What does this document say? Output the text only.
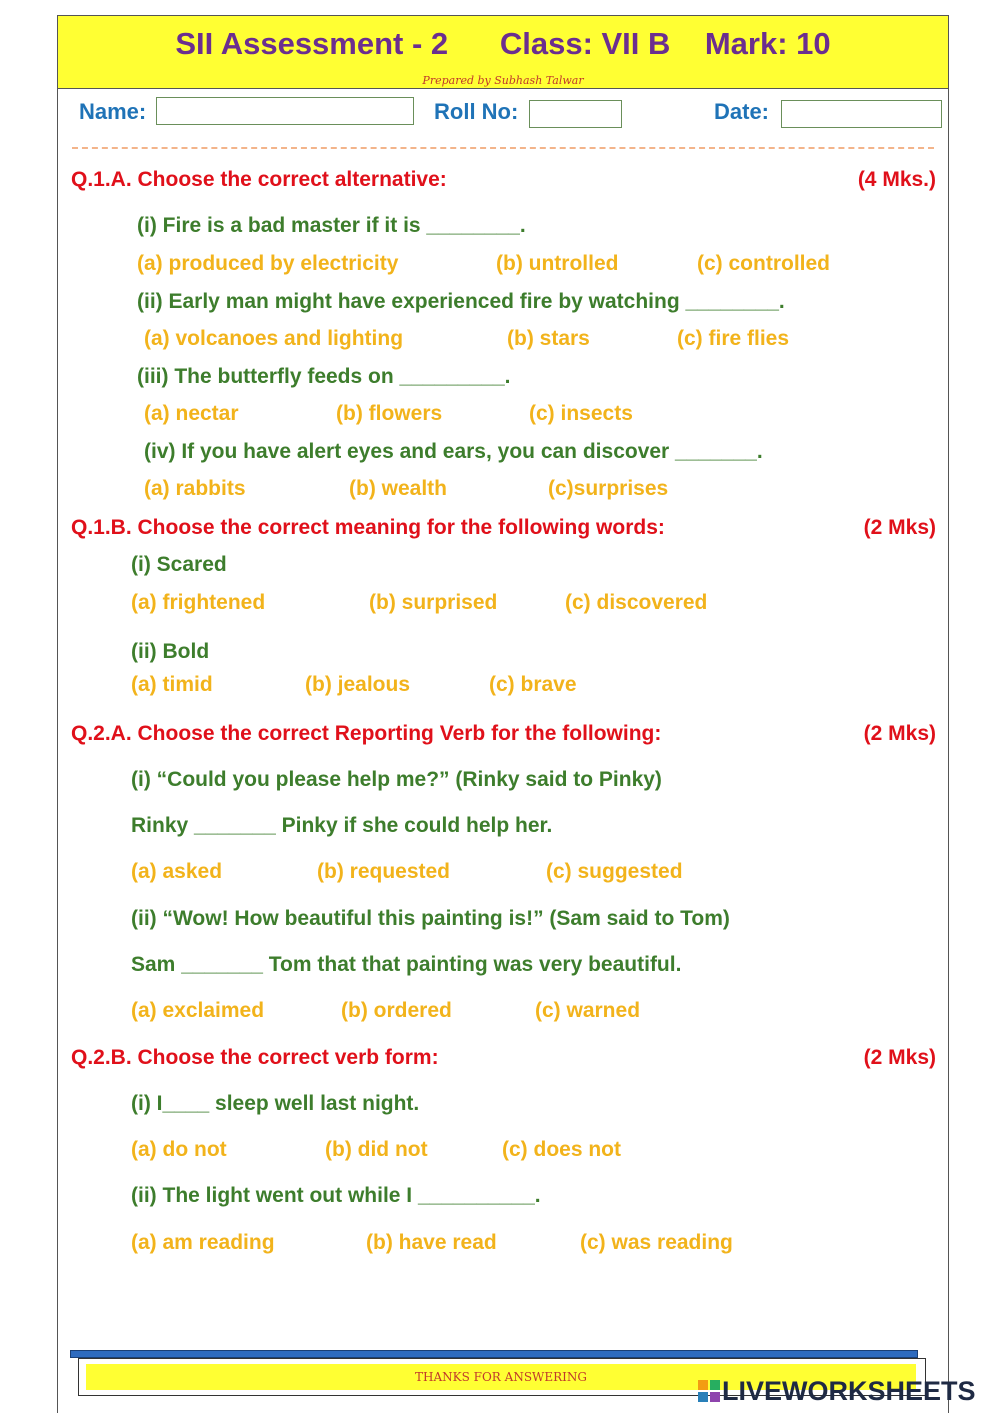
SII Assessment - 2 Class: VII B Mark: 10
Prepared by Subhash Talwar
Name:	Roll No:	Date:
Q.1.A. Choose the correct alternative:	(4 Mks.)
(i) Fire is a bad master if it is ________.
(a) produced by electricity	(b) untrolled	(c) controlled
(ii) Early man might have experienced fire by watching ________.
(a) volcanoes and lighting	(b) stars	(c) fire flies
(iii) The butterfly feeds on _________.
(a) nectar	(b) flowers	(c) insects
(iv) If you have alert eyes and ears, you can discover _______.
(a) rabbits	(b) wealth	(c)surprises
Q.1.B. Choose the correct meaning for the following words:	(2 Mks)
(i) Scared
(a) frightened	(b) surprised	(c) discovered
(ii) Bold
(a) timid	(b) jealous	(c) brave
Q.2.A. Choose the correct Reporting Verb for the following:	(2 Mks)
(i) “Could you please help me?” (Rinky said to Pinky)
Rinky _______ Pinky if she could help her.
(a) asked	(b) requested	(c) suggested
(ii) “Wow! How beautiful this painting is!” (Sam said to Tom)
Sam _______ Tom that that painting was very beautiful.
(a) exclaimed	(b) ordered	(c) warned
Q.2.B. Choose the correct verb form:	(2 Mks)
(i) I____ sleep well last night.
(a) do not	(b) did not	(c) does not
(ii) The light went out while I __________.
(a) am reading	(b) have read	(c) was reading
THANKS FOR ANSWERING	LIVEWORKSHEETS
